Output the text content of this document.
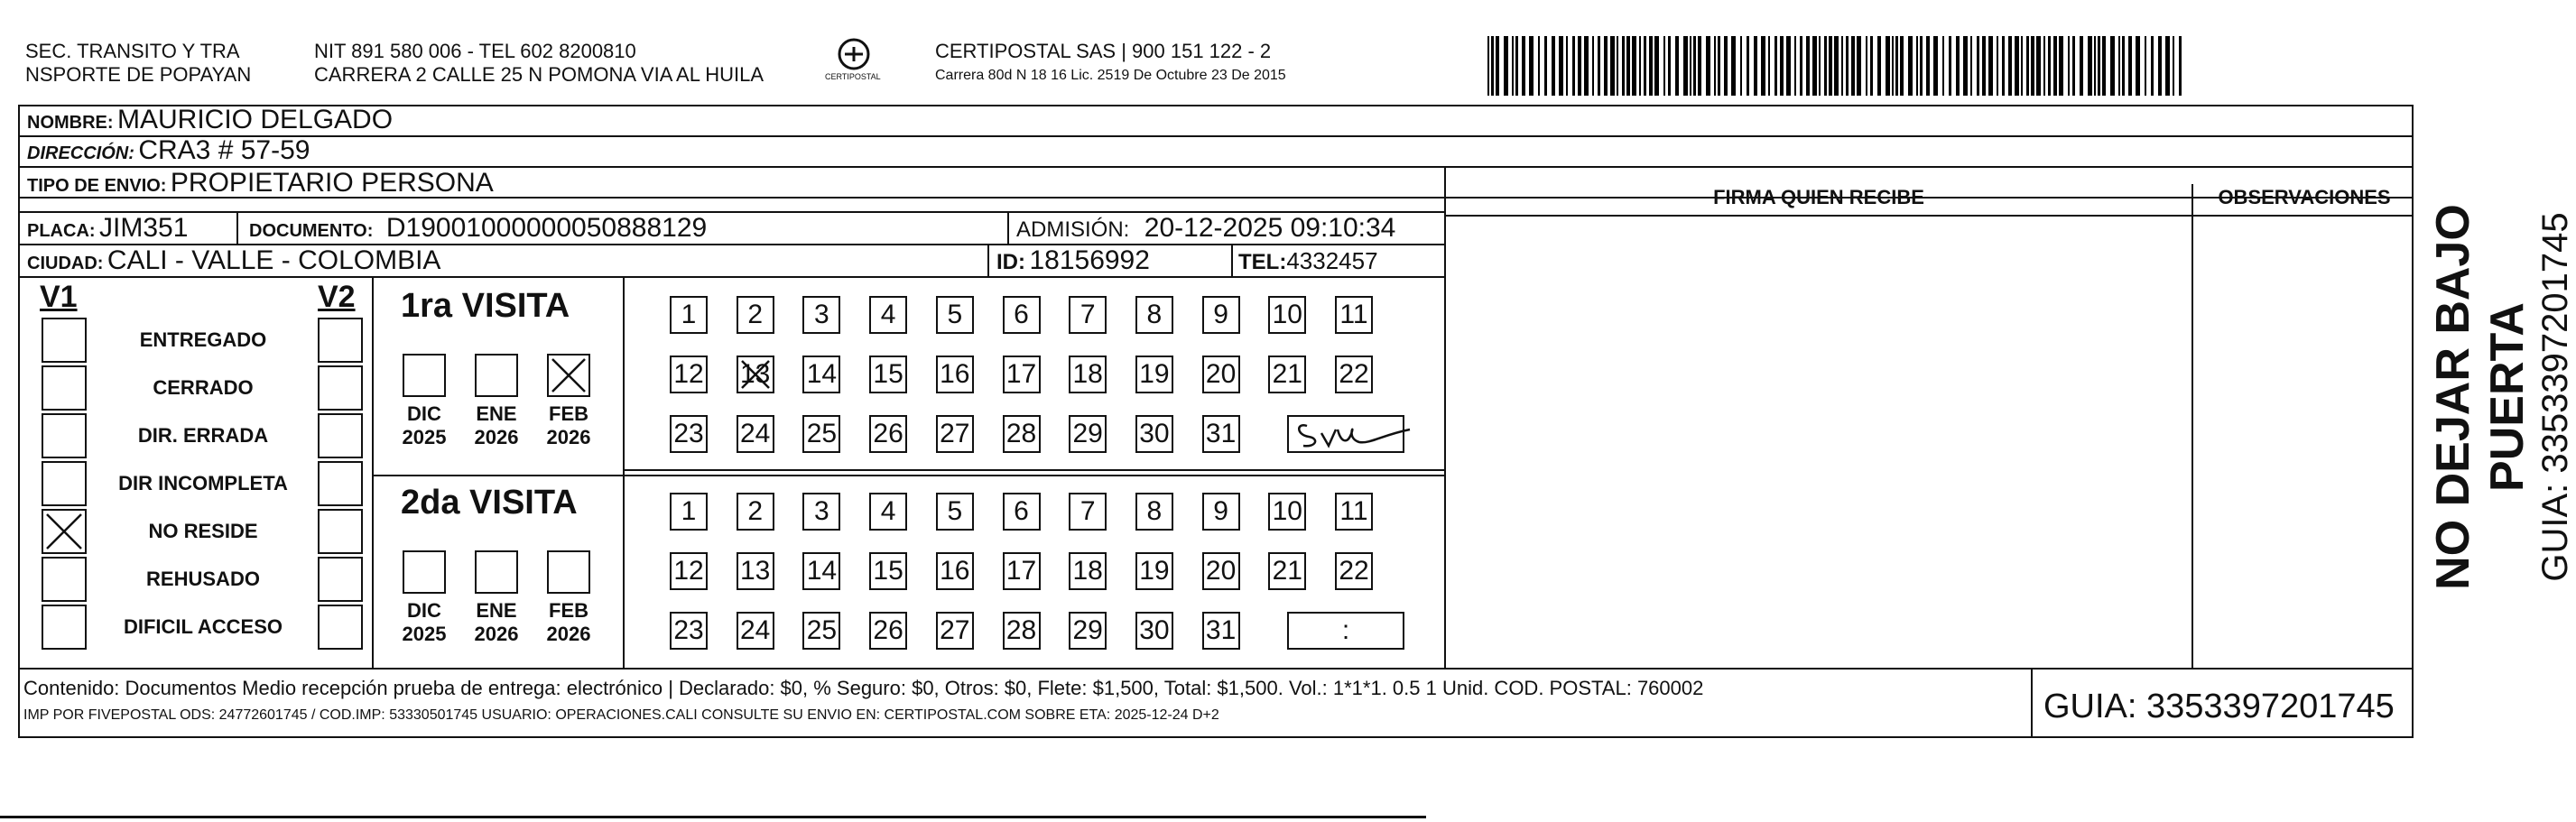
SEC. TRANSITO Y TRA
NSPORTE DE POPAYAN
NIT 891 580 006 - TEL 602 8200810
CARRERA 2 CALLE 25 N POMONA VIA AL HUILA	CERTIPOSTAL
CERTIPOSTAL SAS | 900 151 122 - 2
Carrera 80d N 18 16 Lic. 2519 De Octubre 23 De 2015
NOMBRE: MAURICIO DELGADO
DIRECCIÓN: CRA3 # 57-59
TIPO DE ENVIO: PROPIETARIO PERSONA
PLACA: JIM351	DOCUMENTO: D19001000000050888129	ADMISIÓN: 20-12-2025 09:10:34
CIUDAD: CALI - VALLE - COLOMBIA	ID: 18156992	TEL:4332457
FIRMA QUIEN RECIBE	OBSERVACIONES
V1	V2
ENTREGADO
CERRADO
DIR. ERRADA
DIR INCOMPLETA
NO RESIDE
REHUSADO
DIFICIL ACCESO
1ra VISITA
2da VISITA
DIC
2025
ENE
2026
FEB
2026
1	2	3	4	5	6	7	8	9	10 11
12 13 14 15 16 17 18 19 20 21 22
23 24 25 26 27 28 29 30 31
DIC
2025
ENE
2026
FEB
2026
1	2	3	4	5	6	7	8	9	10 11
12 13 14 15 16 17 18 19 20 21 22
23 24 25 26 27 28 29 30 31	:
Contenido: Documentos Medio recepción prueba de entrega: electrónico | Declarado: $0, % Seguro: $0, Otros: $0, Flete: $1,500, Total: $1,500. Vol.: 1*1*1. 0.5 1 Unid. COD. POSTAL: 760002
IMP POR FIVEPOSTAL ODS: 24772601745 / COD.IMP: 53330501745 USUARIO: OPERACIONES.CALI CONSULTE SU ENVIO EN: CERTIPOSTAL.COM SOBRE ETA: 2025-12-24 D+2	GUIA: 3353397201745
NO DEJAR BAJO PUERTA GUIA: 3353397201745
